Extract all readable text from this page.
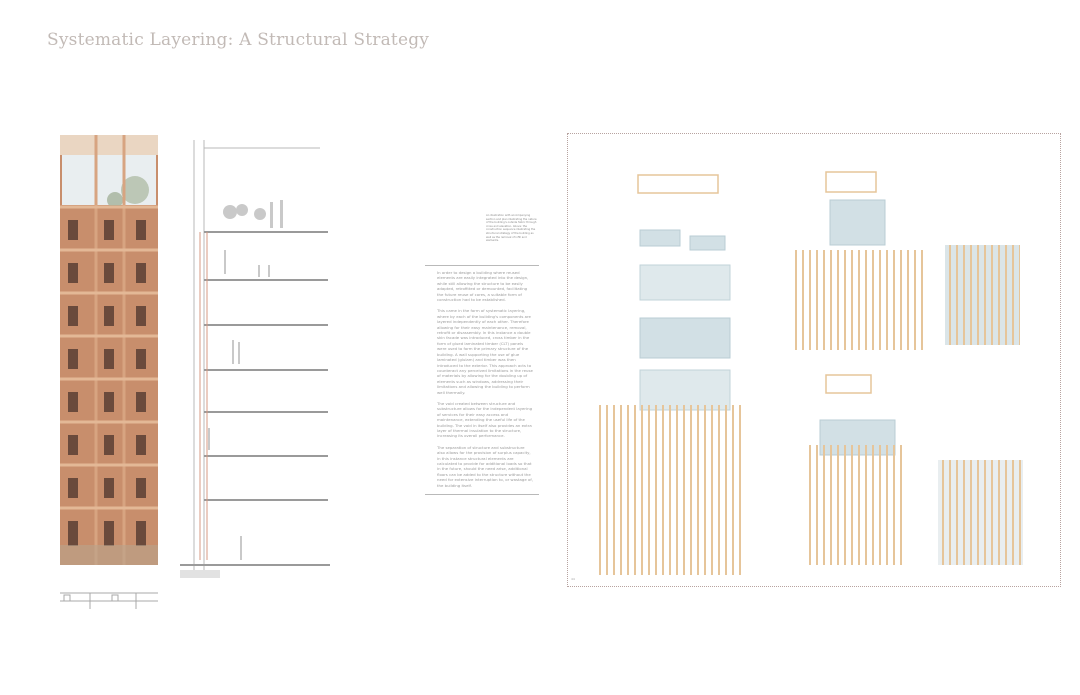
Systematic Layering: A Structural Strategy
An illustration with accompanying section and plan illustrating the nature of the building's outside fabric through cross and elevation. Above: the construction sequence illustrating the structural strategy of the building as well as the removal of infill and elements.

In order to design a building where reused elements are easily integrated into the design, while still allowing the structure to be easily adapted, retrofitted or demounted, facilitating the future reuse of cores, a suitable form of construction had to be established.

This came in the form of systematic layering, where by each of the building's components are layered independently of each other. Therefore allowing for their easy maintenance, removal, retrofit or disassembly. In this instance a double skin facade was introduced, cross timber in the form of glued laminated timber (CLT) panels were used to form the primary structure of the building. A wall supporting the use of glue laminated (glulam) and timber was then introduced to the exterior. This approach acts to counteract any perceived limitations in the reuse of materials by allowing for the doubling up of elements such as windows, addressing their limitations and allowing the building to perform well thermally.

The void created between structure and substructure allows for the independent layering of services for their easy access and maintenance, extending the useful life of the building. The void in itself also provides an extra layer of thermal insulation to the structure, increasing its overall performance.

The separation of structure and substructure also allows for the provision of surplus capacity, in this instance structural elements are calculated to provide for additional loads so that in the future, should the need arise, additional floors can be added to the structure without the need for extensive interruption to, or wastage of, the building itself.

44
